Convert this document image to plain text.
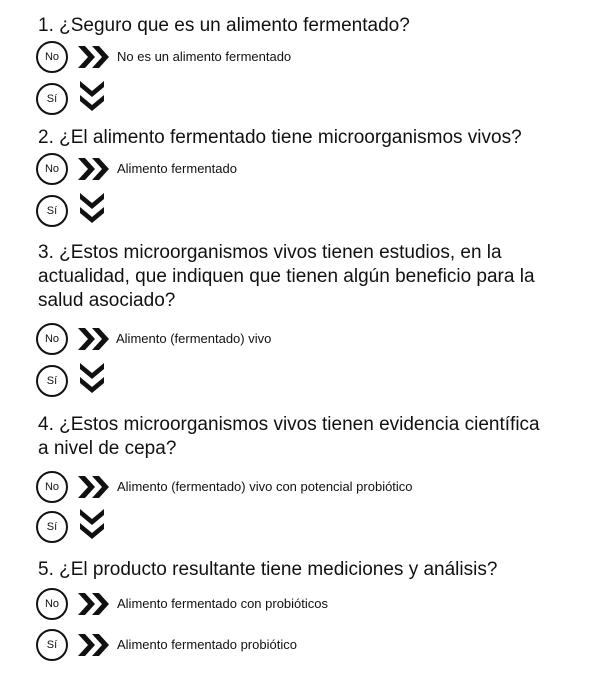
1. ¿Seguro que es un alimento fermentado?
No	No es un alimento fermentado
Sí
2. ¿El alimento fermentado tiene microorganismos vivos?
No	Alimento fermentado
Sí
3. ¿Estos microorganismos vivos tienen estudios, en la
actualidad, que indiquen que tienen algún beneficio para la
salud asociado?
No	Alimento (fermentado) vivo
Sí
4. ¿Estos microorganismos vivos tienen evidencia científica
a nivel de cepa?
No	Alimento (fermentado) vivo con potencial probiótico
Sí
5. ¿El producto resultante tiene mediciones y análisis?
No	Alimento fermentado con probióticos
Sí	Alimento fermentado probiótico
